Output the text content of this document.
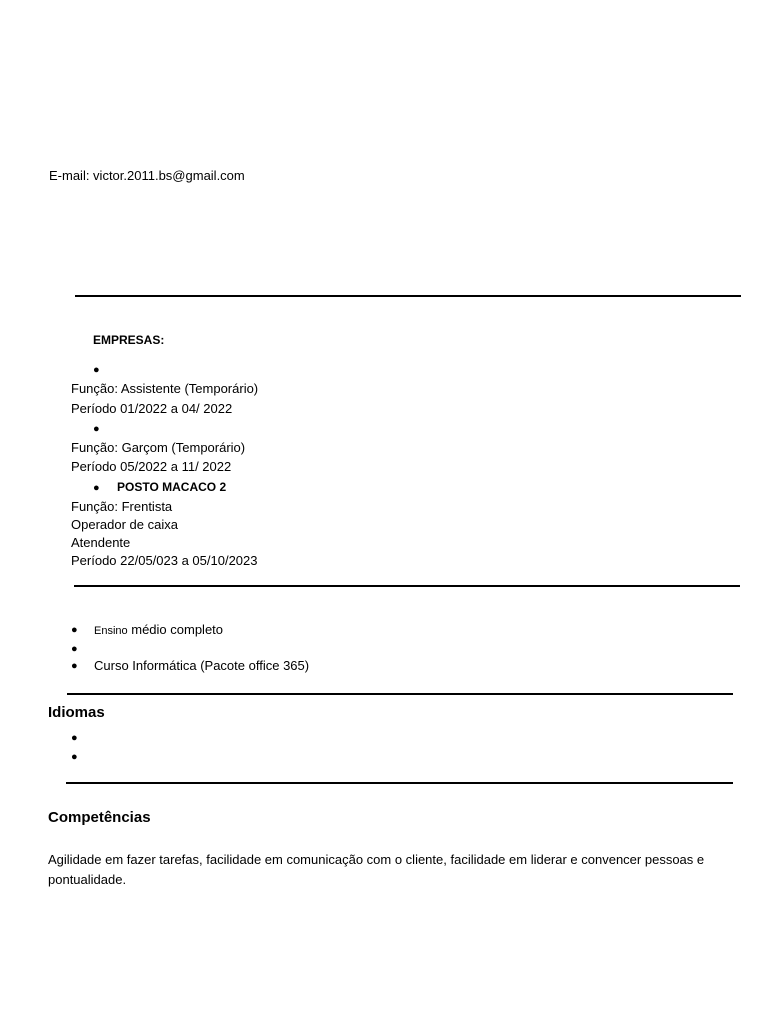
E-mail: victor.2011.bs@gmail.com
EMPRESAS:
●
Função: Assistente (Temporário)
Período 01/2022 a 04/ 2022
●
Função: Garçom (Temporário)
Período 05/2022 a 11/ 2022
● POSTO MACACO 2
Função: Frentista
Operador de caixa
Atendente
Período 22/05/023 a 05/10/2023
● Ensino médio completo
●
● Curso Informática (Pacote office 365)
Idiomas
●
●
Competências
Agilidade em fazer tarefas, facilidade em comunicação com o cliente, facilidade em liderar e convencer pessoas e pontualidade.
